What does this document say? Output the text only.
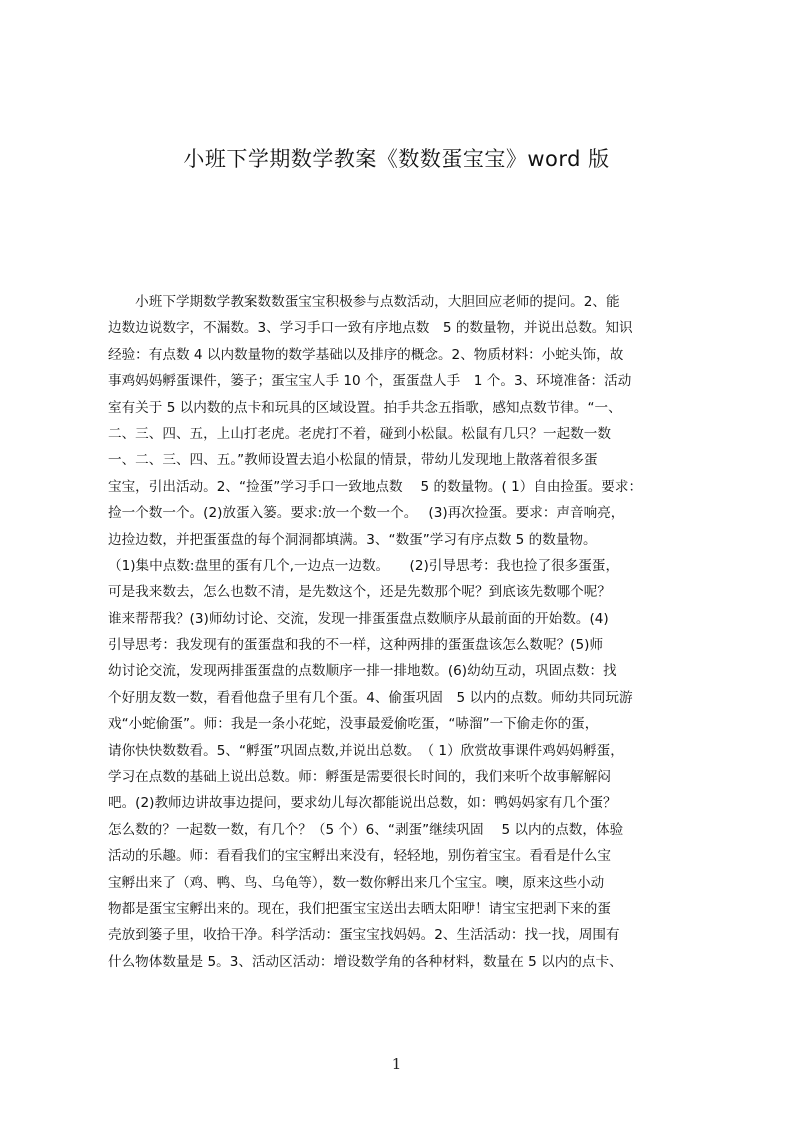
小班下学期数学教案《数数蛋宝宝》word 版
　　小班下学期数学教案数数蛋宝宝积极参与点数活动，大胆回应老师的提问。2、能
边数边说数字，不漏数。3、学习手口一致有序地点数　5 的数量物，并说出总数。知识
经验：有点数 4 以内数量物的数学基础以及排序的概念。2、物质材料：小蛇头饰，故
事鸡妈妈孵蛋课件，篓子；蛋宝宝人手 10 个，蛋蛋盘人手　1 个。3、环境准备：活动
室有关于 5 以内数的点卡和玩具的区域设置。拍手共念五指歌，感知点数节律。“一、
二、三、四、五，上山打老虎。老虎打不着，碰到小松鼠。松鼠有几只？一起数一数
一、二、三、四、五。”教师设置去追小松鼠的情景，带幼儿发现地上散落着很多蛋
宝宝，引出活动。2、“捡蛋”学习手口一致地点数　 5 的数量物。( 1）自由捡蛋。要求：
捡一个数一个。(2)放蛋入篓。要求:放一个数一个。　 (3)再次捡蛋。要求：声音响亮，
边捡边数，并把蛋蛋盘的每个洞洞都填满。3、“数蛋”学习有序点数 5 的数量物。
（1)集中点数:盘里的蛋有几个,一边点一边数。　　(2)引导思考：我也捡了很多蛋蛋，
可是我来数去，怎么也数不清，是先数这个，还是先数那个呢？到底该先数哪个呢？
谁来帮帮我？(3)师幼讨论、交流，发现一排蛋蛋盘点数顺序从最前面的开始数。(4)
引导思考：我发现有的蛋蛋盘和我的不一样，这种两排的蛋蛋盘该怎么数呢？(5)师
幼讨论交流，发现两排蛋蛋盘的点数顺序一排一排地数。(6)幼幼互动，巩固点数：找
个好朋友数一数，看看他盘子里有几个蛋。4、偷蛋巩固　5 以内的点数。师幼共同玩游
戏“小蛇偷蛋”。师：我是一条小花蛇，没事最爱偷吃蛋，“哧溜”一下偷走你的蛋，
请你快快数数看。5、“孵蛋”巩固点数,并说出总数。　（ 1）欣赏故事课件鸡妈妈孵蛋，
学习在点数的基础上说出总数。师：孵蛋是需要很长时间的，我们来听个故事解解闷
吧。(2)教师边讲故事边提问，要求幼儿每次都能说出总数，如：鸭妈妈家有几个蛋？
怎么数的？一起数一数，有几个？（5 个）6、“剥蛋”继续巩固　 5 以内的点数，体验
活动的乐趣。师：看看我们的宝宝孵出来没有，轻轻地，别伤着宝宝。看看是什么宝
宝孵出来了（鸡、鸭、鸟、乌龟等），数一数你孵出来几个宝宝。噢，原来这些小动
物都是蛋宝宝孵出来的。现在，我们把蛋宝宝送出去晒太阳咿！请宝宝把剥下来的蛋
壳放到篓子里，收拾干净。科学活动：蛋宝宝找妈妈。2、生活活动：找一找，周围有
什么物体数量是 5。3、活动区活动：增设数学角的各种材料，数量在 5 以内的点卡、
1
